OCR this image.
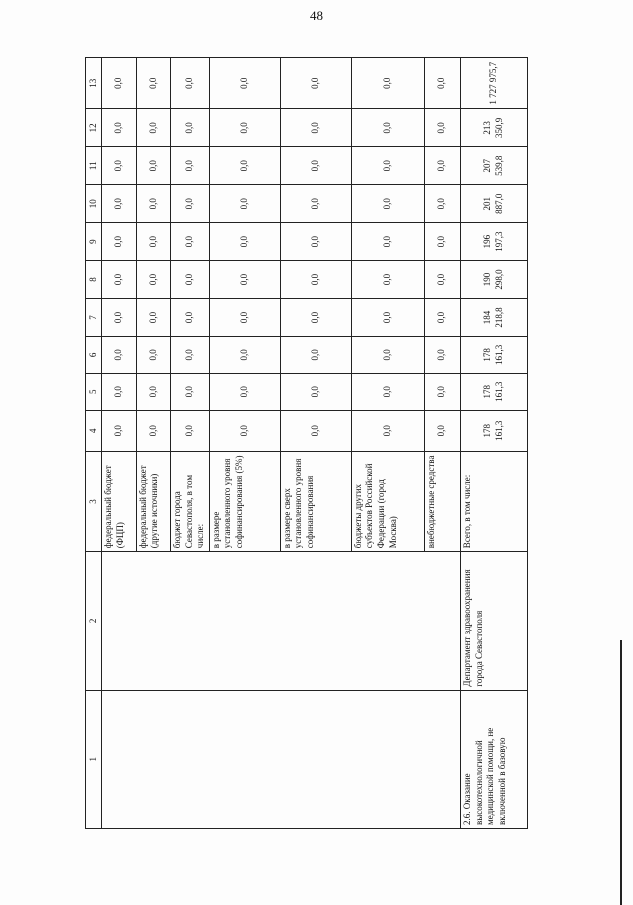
48
1	2	3	4	5	6	7	8	9	10	11	12	13
		федеральный бюджет (ФЦП)	0,0	0,0	0,0	0,0	0,0	0,0	0,0	0,0	0,0	0,0
		федеральный бюджет (другие источники)	0,0	0,0	0,0	0,0	0,0	0,0	0,0	0,0	0,0	0,0
		бюджет города Севастополя, в том числе:	0,0	0,0	0,0	0,0	0,0	0,0	0,0	0,0	0,0	0,0
		в размере установленного уровня софинансирования (5%)	0,0	0,0	0,0	0,0	0,0	0,0	0,0	0,0	0,0	0,0
		в размере сверх установленного уровня софинансирования	0,0	0,0	0,0	0,0	0,0	0,0	0,0	0,0	0,0	0,0
		бюджеты других субъектов Российской Федерации (город Москва)	0,0	0,0	0,0	0,0	0,0	0,0	0,0	0,0	0,0	0,0
		внебюджетные средства	0,0	0,0	0,0	0,0	0,0	0,0	0,0	0,0	0,0	0,0
2.6. Оказание высокотехнологичной медицинской помощи, не включенной в базовую	Департамент здравоохранения города Севастополя	Всего, в том числе:	178 161,3	178 161,3	178 161,3	184 218,8	190 298,0	196 197,3	201 887,0	207 539,8	213 350,9	1 727 975,7
